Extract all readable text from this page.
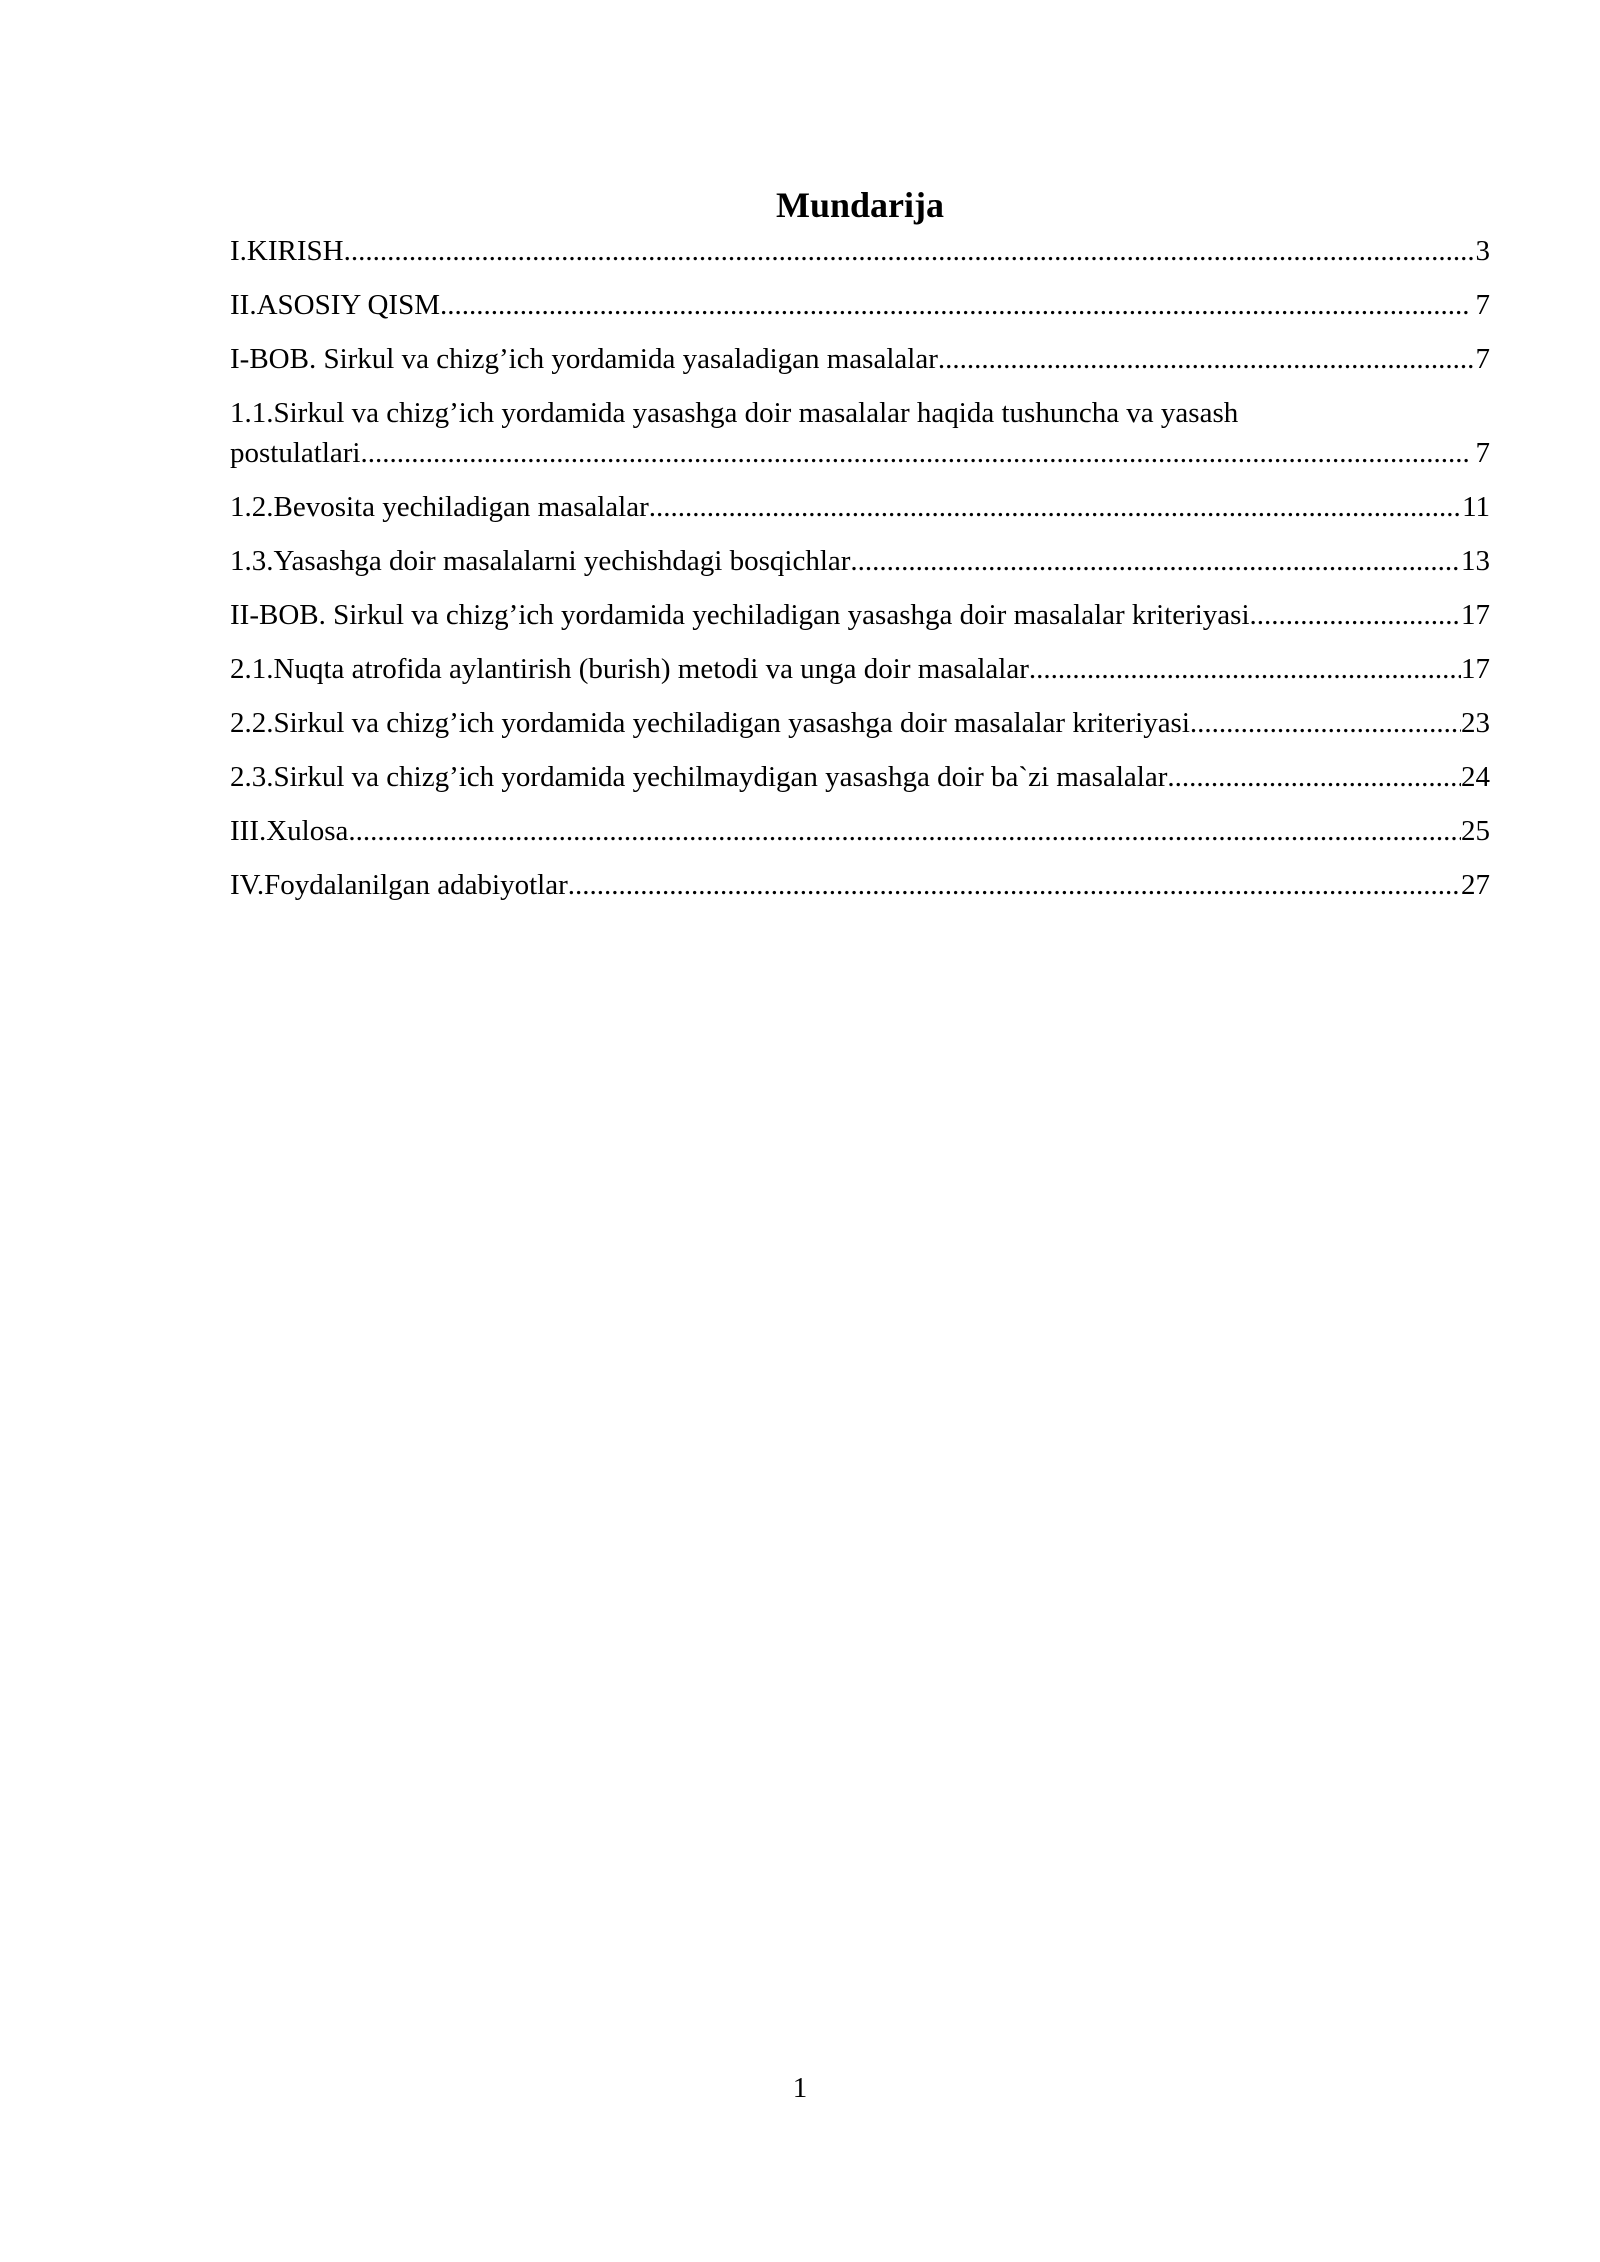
Mundarija
I.KIRISH .....	3
II.ASOSIY QISM .....	7
I-BOB. Sirkul va chizg’ich yordamida yasaladigan masalalar .....	7
1.1.Sirkul va chizg’ich yordamida yasashga doir masalalar haqida tushuncha va yasash
postulatlari .....	7
1.2.Bevosita yechiladigan masalalar .....	11
1.3.Yasashga doir masalalarni yechishdagi bosqichlar .....	13
II-BOB. Sirkul va chizg’ich yordamida yechiladigan yasashga doir masalalar kriteriyasi .....	17
2.1.Nuqta atrofida aylantirish (burish) metodi va unga doir masalalar .....	17
2.2.Sirkul va chizg’ich yordamida yechiladigan yasashga doir masalalar kriteriyasi .....	23
2.3.Sirkul va chizg’ich yordamida yechilmaydigan yasashga doir ba`zi masalalar .....	24
III.Xulosa .....	25
IV.Foydalanilgan adabiyotlar .....	27
1
